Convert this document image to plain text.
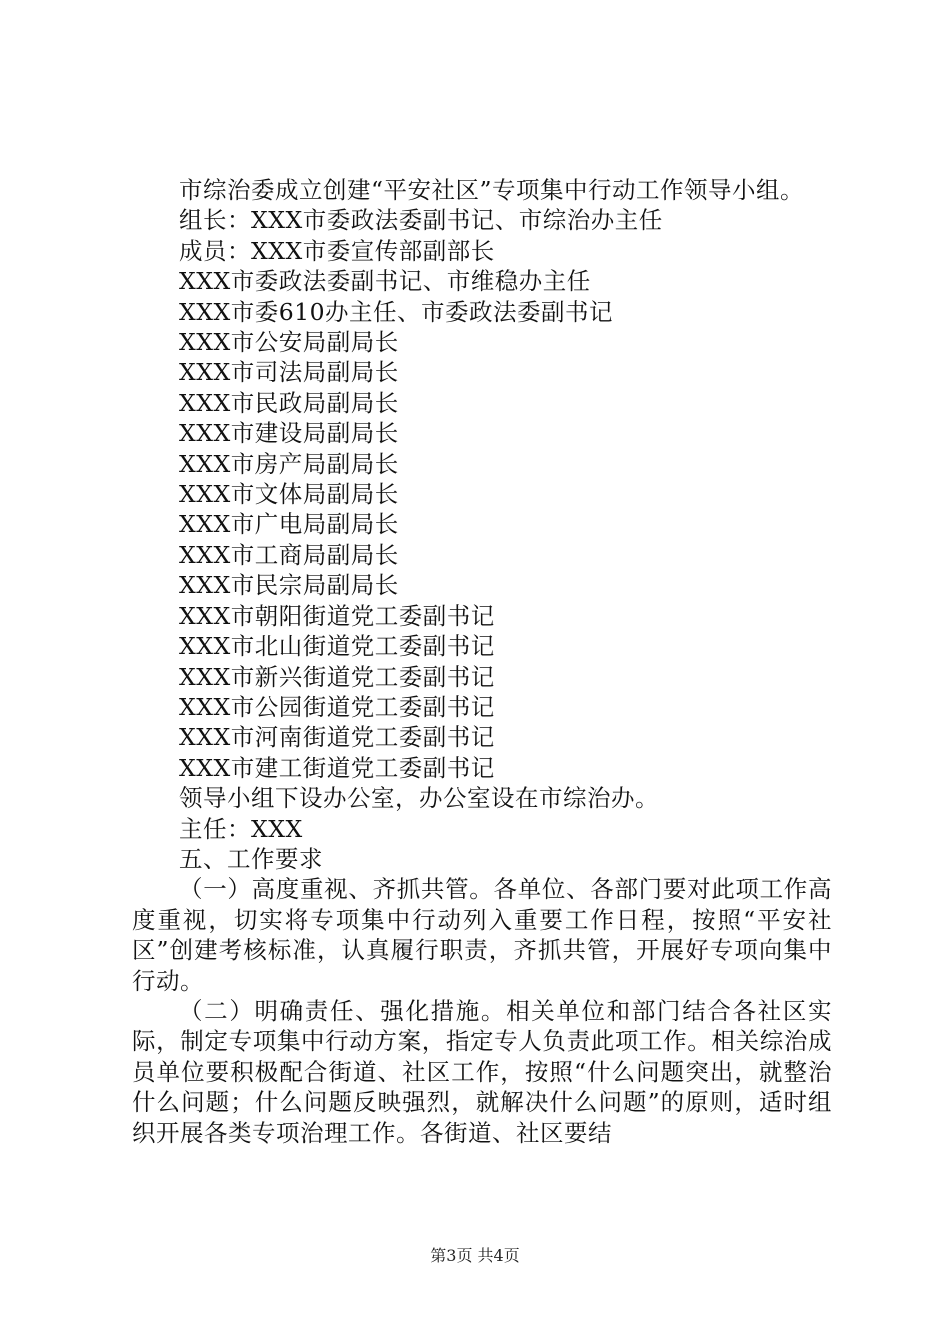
市综治委成立创建“平安社区”专项集中行动工作领导小组。

组长：XXX市委政法委副书记、市综治办主任

成员：XXX市委宣传部副部长

XXX市委政法委副书记、市维稳办主任

XXX市委610办主任、市委政法委副书记

XXX市公安局副局长

XXX市司法局副局长

XXX市民政局副局长

XXX市建设局副局长

XXX市房产局副局长

XXX市文体局副局长

XXX市广电局副局长

XXX市工商局副局长

XXX市民宗局副局长

XXX市朝阳街道党工委副书记

XXX市北山街道党工委副书记

XXX市新兴街道党工委副书记

XXX市公园街道党工委副书记

XXX市河南街道党工委副书记

XXX市建工街道党工委副书记

领导小组下设办公室，办公室设在市综治办。

主任：XXX

五、工作要求

（一）高度重视、齐抓共管。各单位、各部门要对此项工作高度重视，切实将专项集中行动列入重要工作日程，按照“平安社区”创建考核标准，认真履行职责，齐抓共管，开展好专项向集中行动。

（二）明确责任、强化措施。相关单位和部门结合各社区实际，制定专项集中行动方案，指定专人负责此项工作。相关综治成员单位要积极配合街道、社区工作，按照“什么问题突出，就整治什么问题；什么问题反映强烈，就解决什么问题”的原则，适时组织开展各类专项治理工作。各街道、社区要结

第3页 共4页
